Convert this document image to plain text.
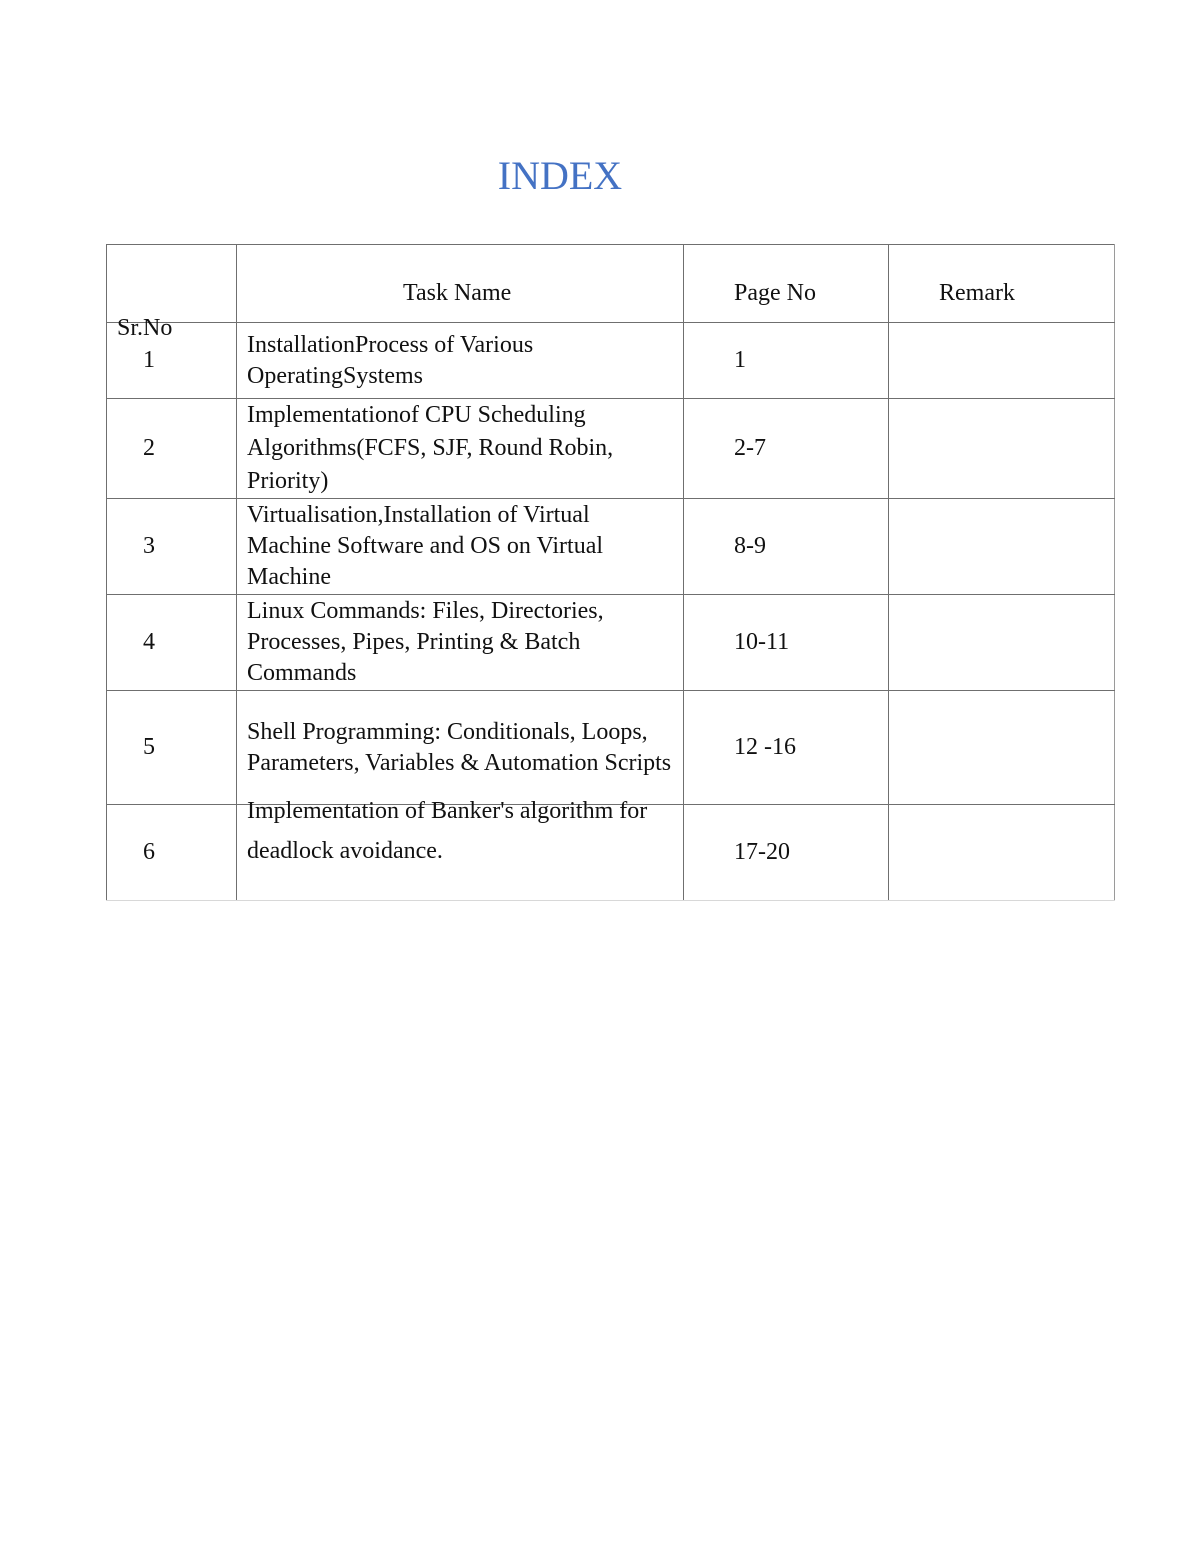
INDEX
Sr.No	Task Name	Page No	Remark
1	InstallationProcess of Various OperatingSystems	1	
2	Implementationof CPU Scheduling Algorithms(FCFS, SJF, Round Robin, Priority)	2-7	
3	Virtualisation,Installation of Virtual Machine Software and OS on Virtual Machine	8-9	
4	Linux Commands: Files, Directories, Processes, Pipes, Printing & Batch Commands	10-11	
5	Shell Programming: Conditionals, Loops, Parameters, Variables & Automation Scripts	12 -16	
6	Implementation of Banker's algorithm for deadlock avoidance.	17-20	
